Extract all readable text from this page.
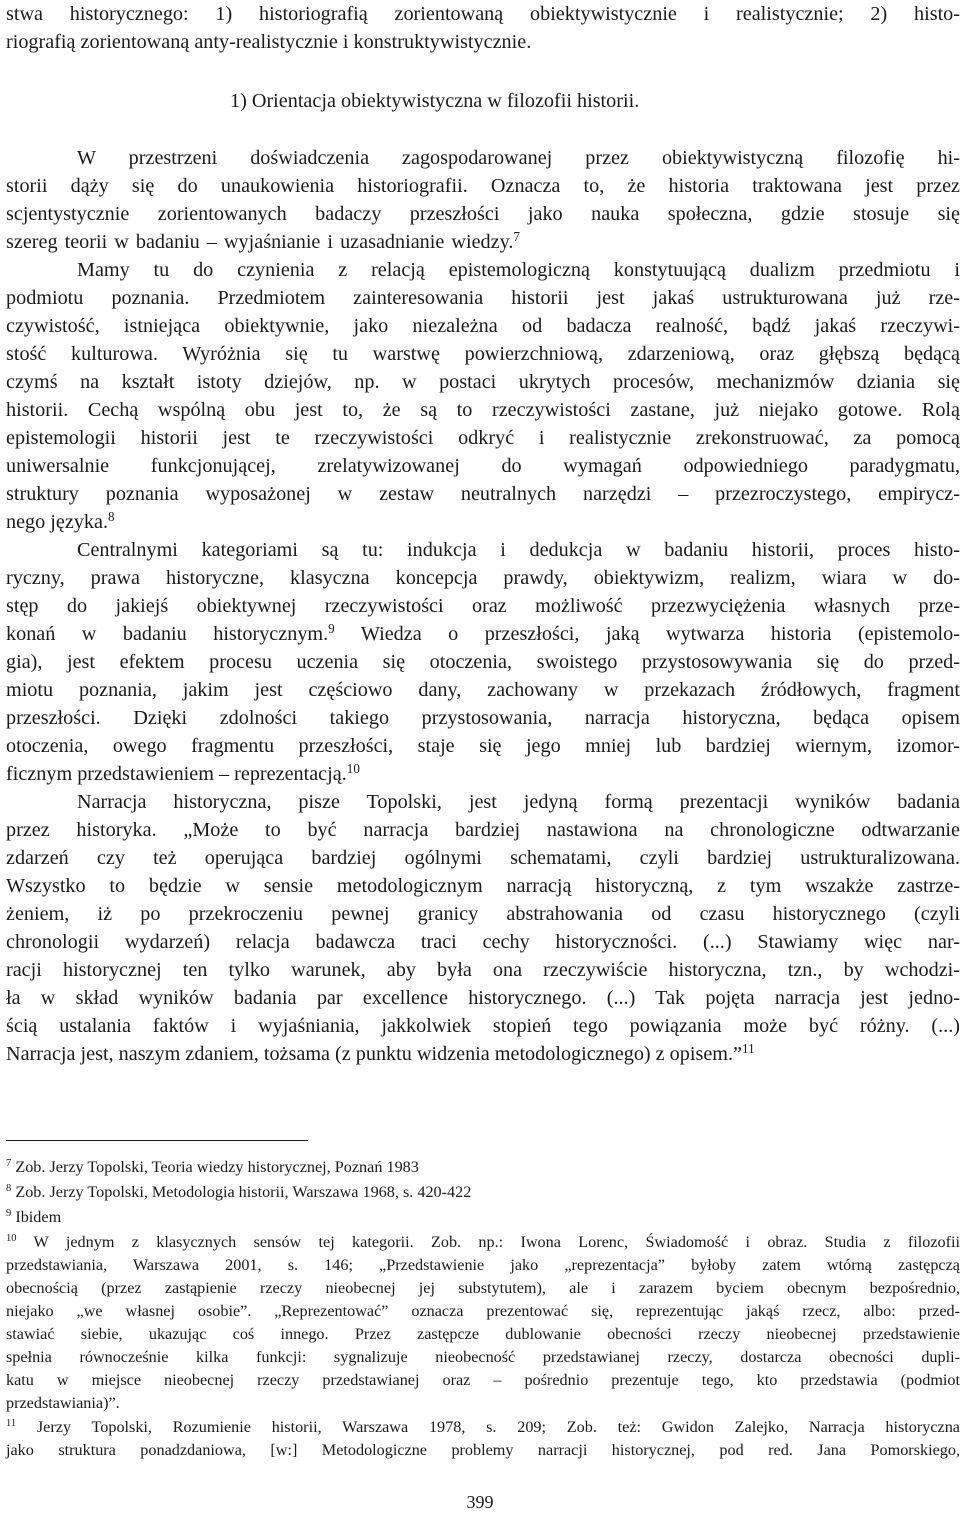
stwa historycznego: 1) historiografią zorientowaną obiektywistycznie i realistycznie; 2) histo-
riografią zorientowaną anty-realistycznie i konstruktywistycznie.
1) Orientacja obiektywistyczna w filozofii historii.
W przestrzeni doświadczenia zagospodarowanej przez obiektywistyczną filozofię hi-
storii dąży się do unaukowienia historiografii. Oznacza to, że historia traktowana jest przez
scjentystycznie zorientowanych badaczy przeszłości jako nauka społeczna, gdzie stosuje się
szereg teorii w badaniu – wyjaśnianie i uzasadnianie wiedzy.$^7$
Mamy tu do czynienia z relacją epistemologiczną konstytuującą dualizm przedmiotu i
podmiotu poznania. Przedmiotem zainteresowania historii jest jakaś ustrukturowana już rze-
czywistość, istniejąca obiektywnie, jako niezależna od badacza realność, bądź jakaś rzeczywi-
stość kulturowa. Wyróżnia się tu warstwę powierzchniową, zdarzeniową, oraz głębszą będącą
czymś na kształt istoty dziejów, np. w postaci ukrytych procesów, mechanizmów dziania się
historii. Cechą wspólną obu jest to, że są to rzeczywistości zastane, już niejako gotowe. Rolą
epistemologii historii jest te rzeczywistości odkryć i realistycznie zrekonstruować, za pomocą
uniwersalnie funkcjonującej, zrelatywizowanej do wymagań odpowiedniego paradygmatu,
struktury poznania wyposażonej w zestaw neutralnych narzędzi – przezroczystego, empirycz-
nego języka.$^8$
Centralnymi kategoriami są tu: indukcja i dedukcja w badaniu historii, proces histo-
ryczny, prawa historyczne, klasyczna koncepcja prawdy, obiektywizm, realizm, wiara w do-
stęp do jakiejś obiektywnej rzeczywistości oraz możliwość przezwyciężenia własnych prze-
konań w badaniu historycznym.$^9$ Wiedza o przeszłości, jaką wytwarza historia (epistemolo-
gia), jest efektem procesu uczenia się otoczenia, swoistego przystosowywania się do przed-
miotu poznania, jakim jest częściowo dany, zachowany w przekazach źródłowych, fragment
przeszłości. Dzięki zdolności takiego przystosowania, narracja historyczna, będąca opisem
otoczenia, owego fragmentu przeszłości, staje się jego mniej lub bardziej wiernym, izomor-
ficznym przedstawieniem – reprezentacją.$^{10}$
Narracja historyczna, pisze Topolski, jest jedyną formą prezentacji wyników badania
przez historyka. „Może to być narracja bardziej nastawiona na chronologiczne odtwarzanie
zdarzeń czy też operująca bardziej ogólnymi schematami, czyli bardziej ustrukturalizowana.
Wszystko to będzie w sensie metodologicznym narracją historyczną, z tym wszakże zastrze-
żeniem, iż po przekroczeniu pewnej granicy abstrahowania od czasu historycznego (czyli
chronologii wydarzeń) relacja badawcza traci cechy historyczności. (...) Stawiamy więc nar-
racji historycznej ten tylko warunek, aby była ona rzeczywiście historyczna, tzn., by wchodzi-
ła w skład wyników badania par excellence historycznego. (...) Tak pojęta narracja jest jedno-
ścią ustalania faktów i wyjaśniania, jakkolwiek stopień tego powiązania może być różny. (...)
Narracja jest, naszym zdaniem, tożsama (z punktu widzenia metodologicznego) z opisem.”$^{11}$
$^7$ Zob. Jerzy Topolski, Teoria wiedzy historycznej, Poznań 1983
$^8$ Zob. Jerzy Topolski, Metodologia historii, Warszawa 1968, s. 420-422
$^9$ Ibidem
$^{10}$ W jednym z klasycznych sensów tej kategorii. Zob. np.: Iwona Lorenc, Świadomość i obraz. Studia z filozofii
przedstawiania, Warszawa 2001, s. 146; „Przedstawienie jako „reprezentacja” byłoby zatem wtórną zastępczą
obecnością (przez zastąpienie rzeczy nieobecnej jej substytutem), ale i zarazem byciem obecnym bezpośrednio,
niejako „we własnej osobie”. „Reprezentować” oznacza prezentować się, reprezentując jakąś rzecz, albo: przed-
stawiać siebie, ukazując coś innego. Przez zastępcze dublowanie obecności rzeczy nieobecnej przedstawienie
spełnia równocześnie kilka funkcji: sygnalizuje nieobecność przedstawianej rzeczy, dostarcza obecności dupli-
katu w miejsce nieobecnej rzeczy przedstawianej oraz – pośrednio prezentuje tego, kto przedstawia (podmiot
przedstawiania)”.
$^{11}$ Jerzy Topolski, Rozumienie historii, Warszawa 1978, s. 209; Zob. też: Gwidon Zalejko, Narracja historyczna
jako struktura ponadzdaniowa, [w:] Metodologiczne problemy narracji historycznej, pod red. Jana Pomorskiego,
399
